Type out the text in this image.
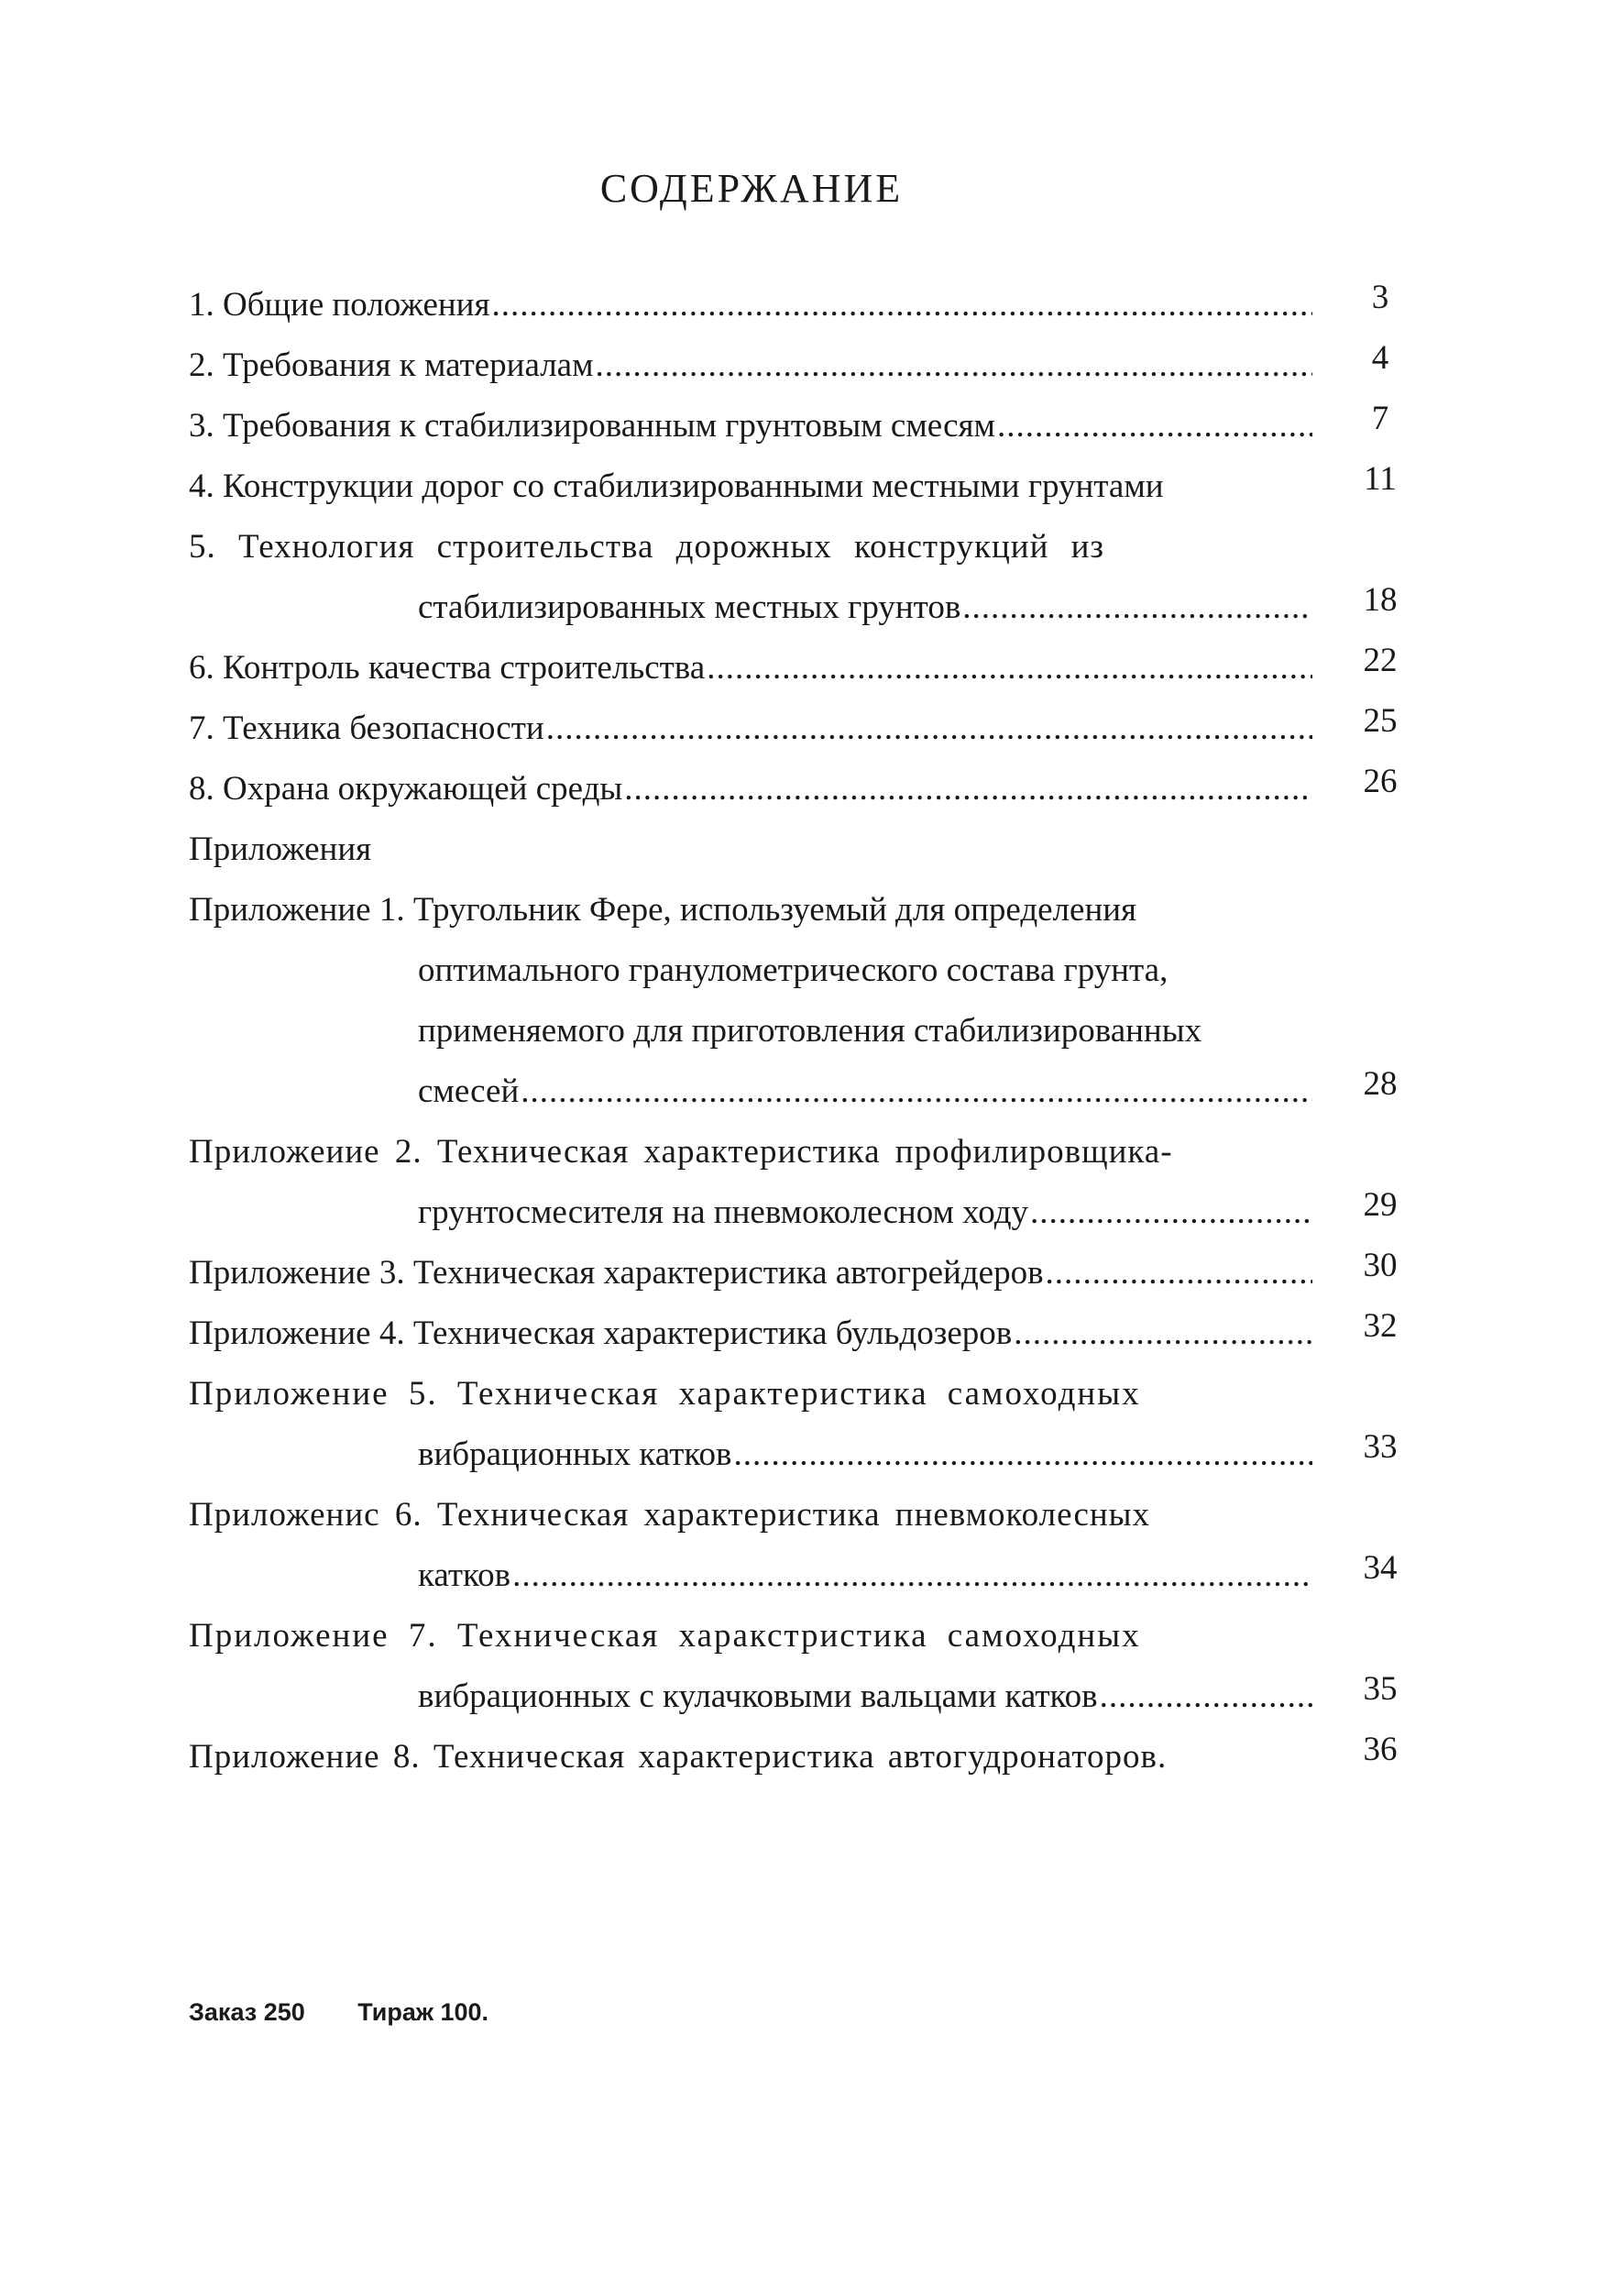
СОДЕРЖАНИЕ
1. Общие положения .....	3
2. Требования к материалам .....	4
3. Требования к стабилизированным грунтовым смесям .....	7
4. Конструкции дорог со стабилизированными местными грунтами	11
5. Технология строительства дорожных конструкций из
стабилизированных местных грунтов .....	18
6. Контроль качества строительства .....	22
7. Техника безопасности .....	25
8. Охрана окружающей среды .....	26
Приложения
Приложение 1. Тругольник Фере, используемый для определения
оптимального гранулометрического состава грунта,
применяемого для приготовления стабилизированных
смесей .....	28
Приложеиие 2. Техническая характеристика профилировщика-
грунтосмесителя на пневмоколесном ходу .....	29
Приложение 3. Техническая характеристика автогрейдеров .....	30
Приложение 4. Техническая характеристика бульдозеров .....	32
Приложение 5. Техническая характеристика самоходных
вибрационных катков .....	33
Приложенис 6. Техническая характеристика пневмоколесных
катков .....	34
Приложение 7. Техническая харакстристика самоходных
вибрационных с кулачковыми вальцами катков .....	35
Приложение 8. Техническая характеристика автогудронаторов.	36
Заказ 250 Тираж 100.
